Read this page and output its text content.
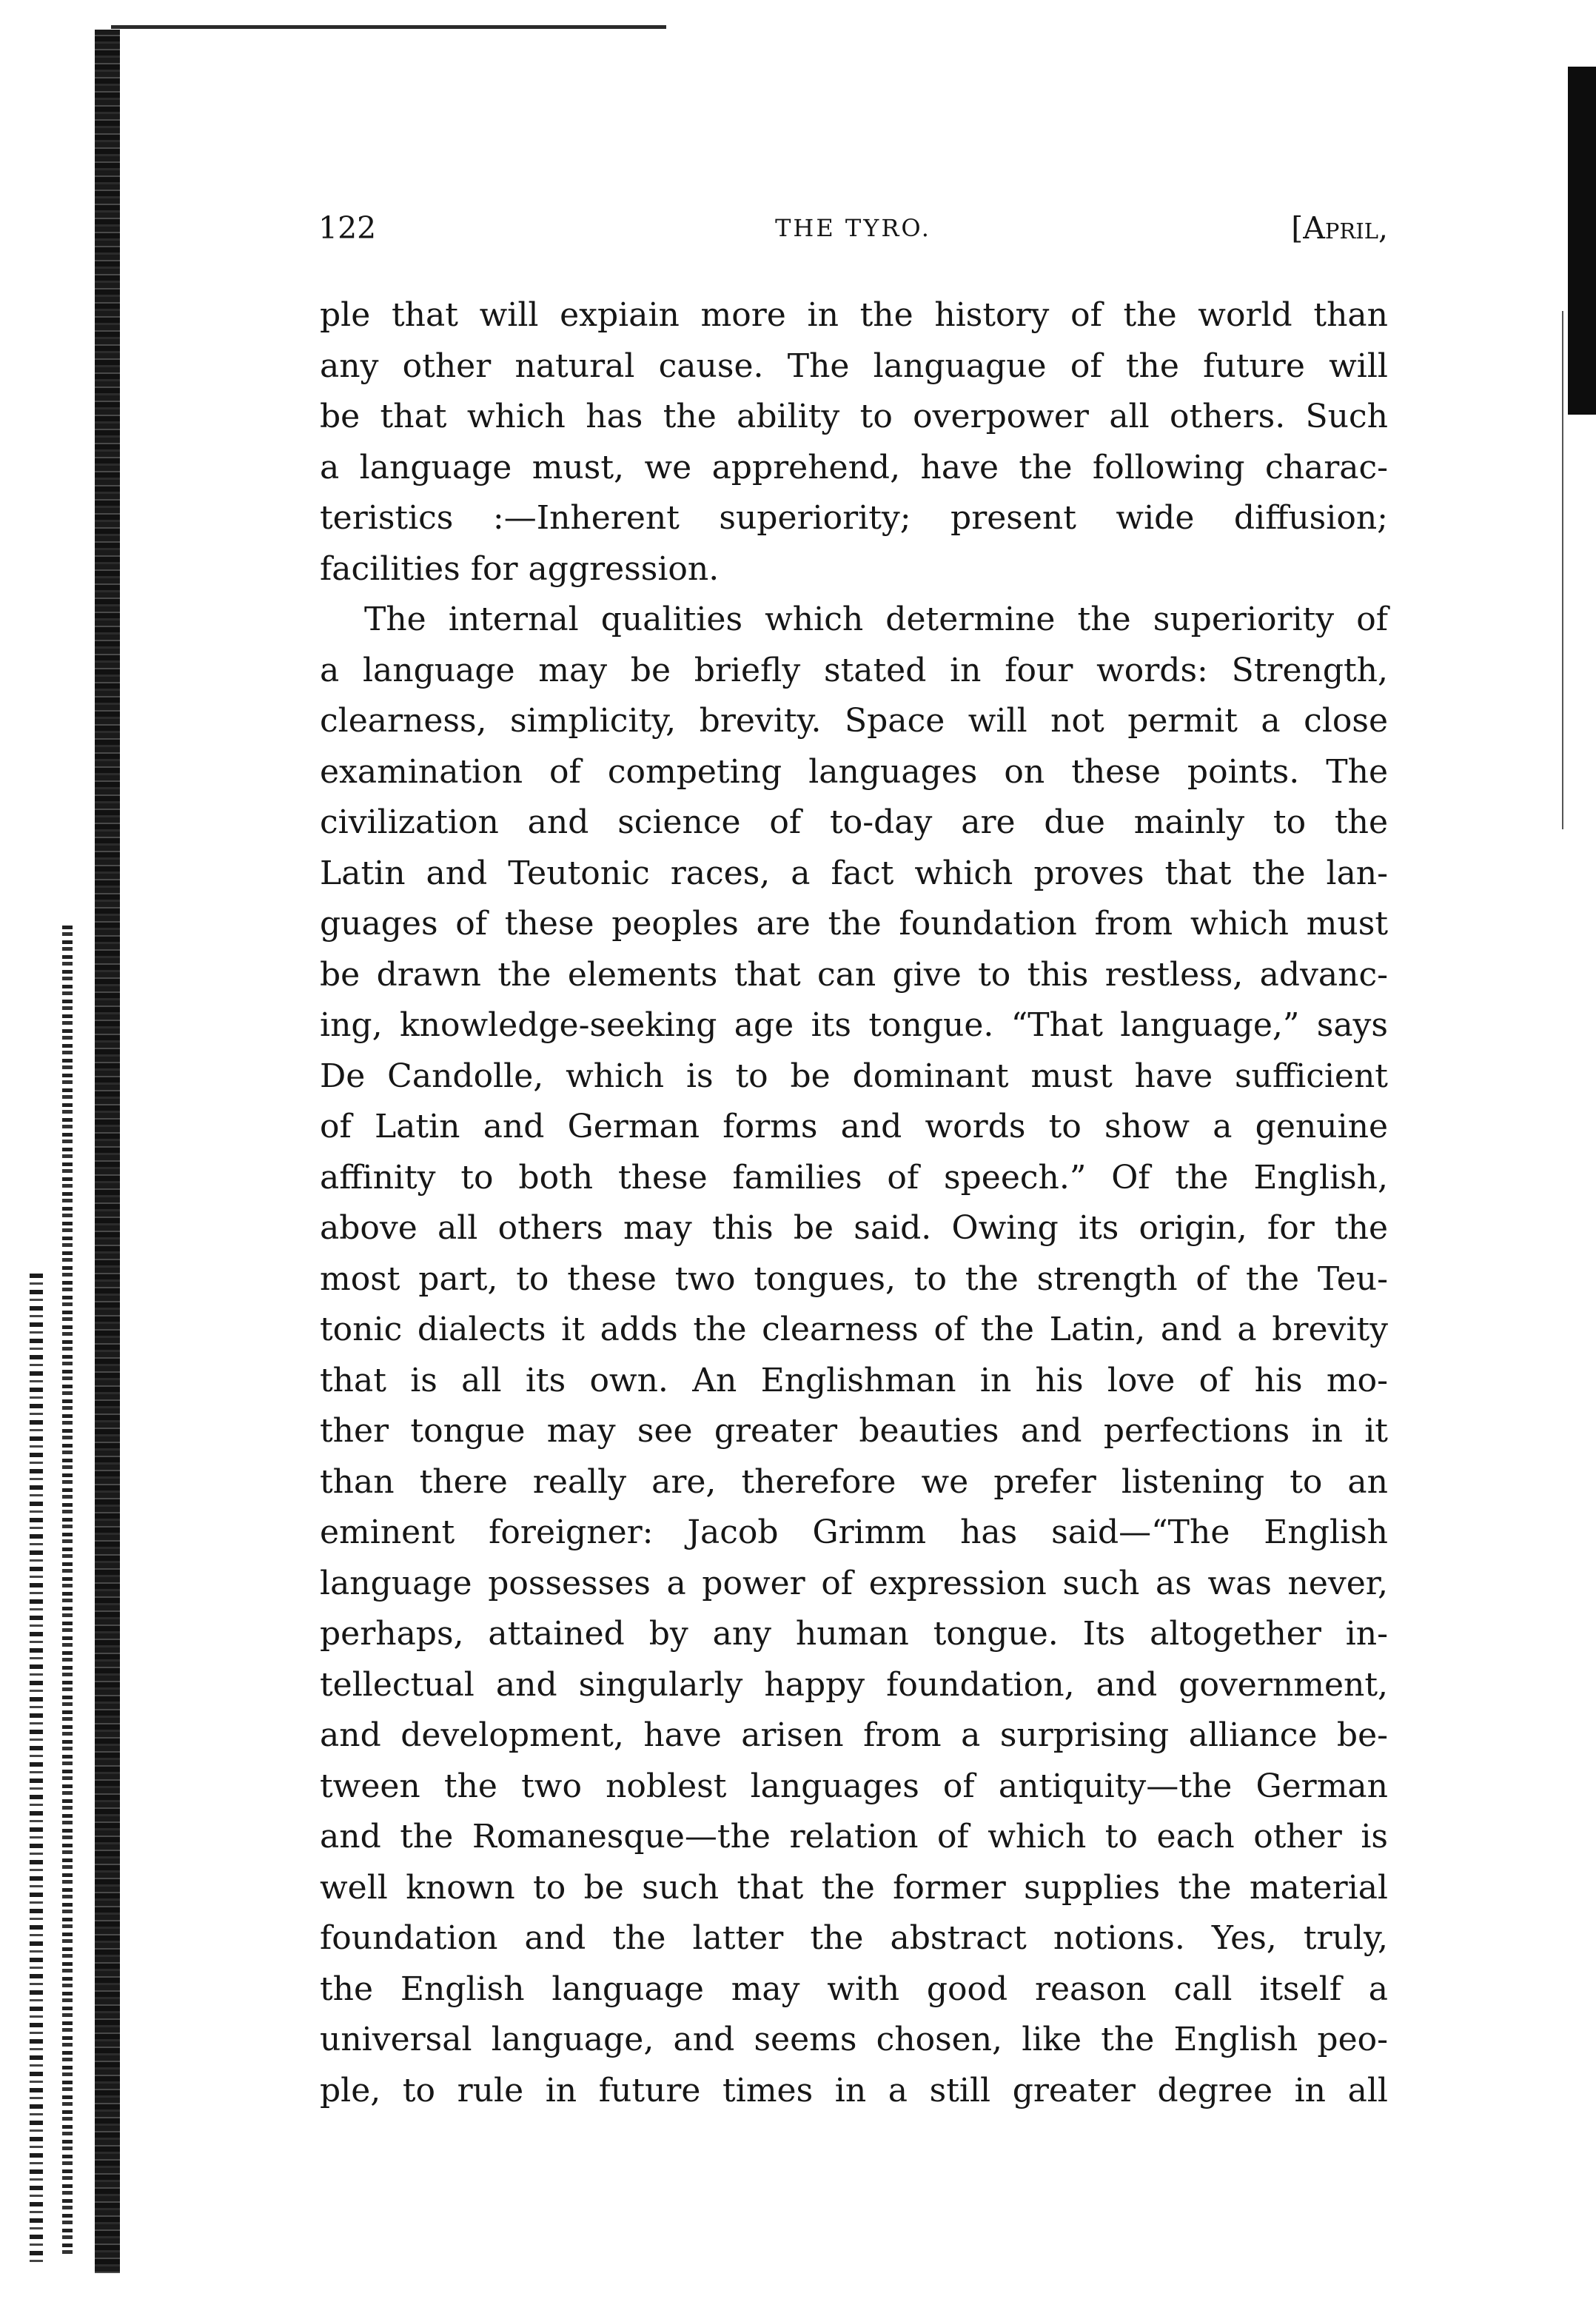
122	THE TYRO.	[April,
ple that will expiain more in the history of the world than
any other natural cause. The languague of the future will
be that which has the ability to overpower all others. Such
a language must, we apprehend, have the following charac-
teristics :—Inherent superiority; present wide diffusion;
facilities for aggression.
The internal qualities which determine the superiority of
a language may be briefly stated in four words: Strength,
clearness, simplicity, brevity. Space will not permit a close
examination of competing languages on these points. The
civilization and science of to-day are due mainly to the
Latin and Teutonic races, a fact which proves that the lan-
guages of these peoples are the foundation from which must
be drawn the elements that can give to this restless, advanc-
ing, knowledge-seeking age its tongue. “That language,” says
De Candolle, which is to be dominant must have sufficient
of Latin and German forms and words to show a genuine
affinity to both these families of speech.” Of the English,
above all others may this be said. Owing its origin, for the
most part, to these two tongues, to the strength of the Teu-
tonic dialects it adds the clearness of the Latin, and a brevity
that is all its own. An Englishman in his love of his mo-
ther tongue may see greater beauties and perfections in it
than there really are, therefore we prefer listening to an
eminent foreigner: Jacob Grimm has said—“The English
language possesses a power of expression such as was never,
perhaps, attained by any human tongue. Its altogether in-
tellectual and singularly happy foundation, and government,
and development, have arisen from a surprising alliance be-
tween the two noblest languages of antiquity—the German
and the Romanesque—the relation of which to each other is
well known to be such that the former supplies the material
foundation and the latter the abstract notions. Yes, truly,
the English language may with good reason call itself a
universal language, and seems chosen, like the English peo-
ple, to rule in future times in a still greater degree in all
